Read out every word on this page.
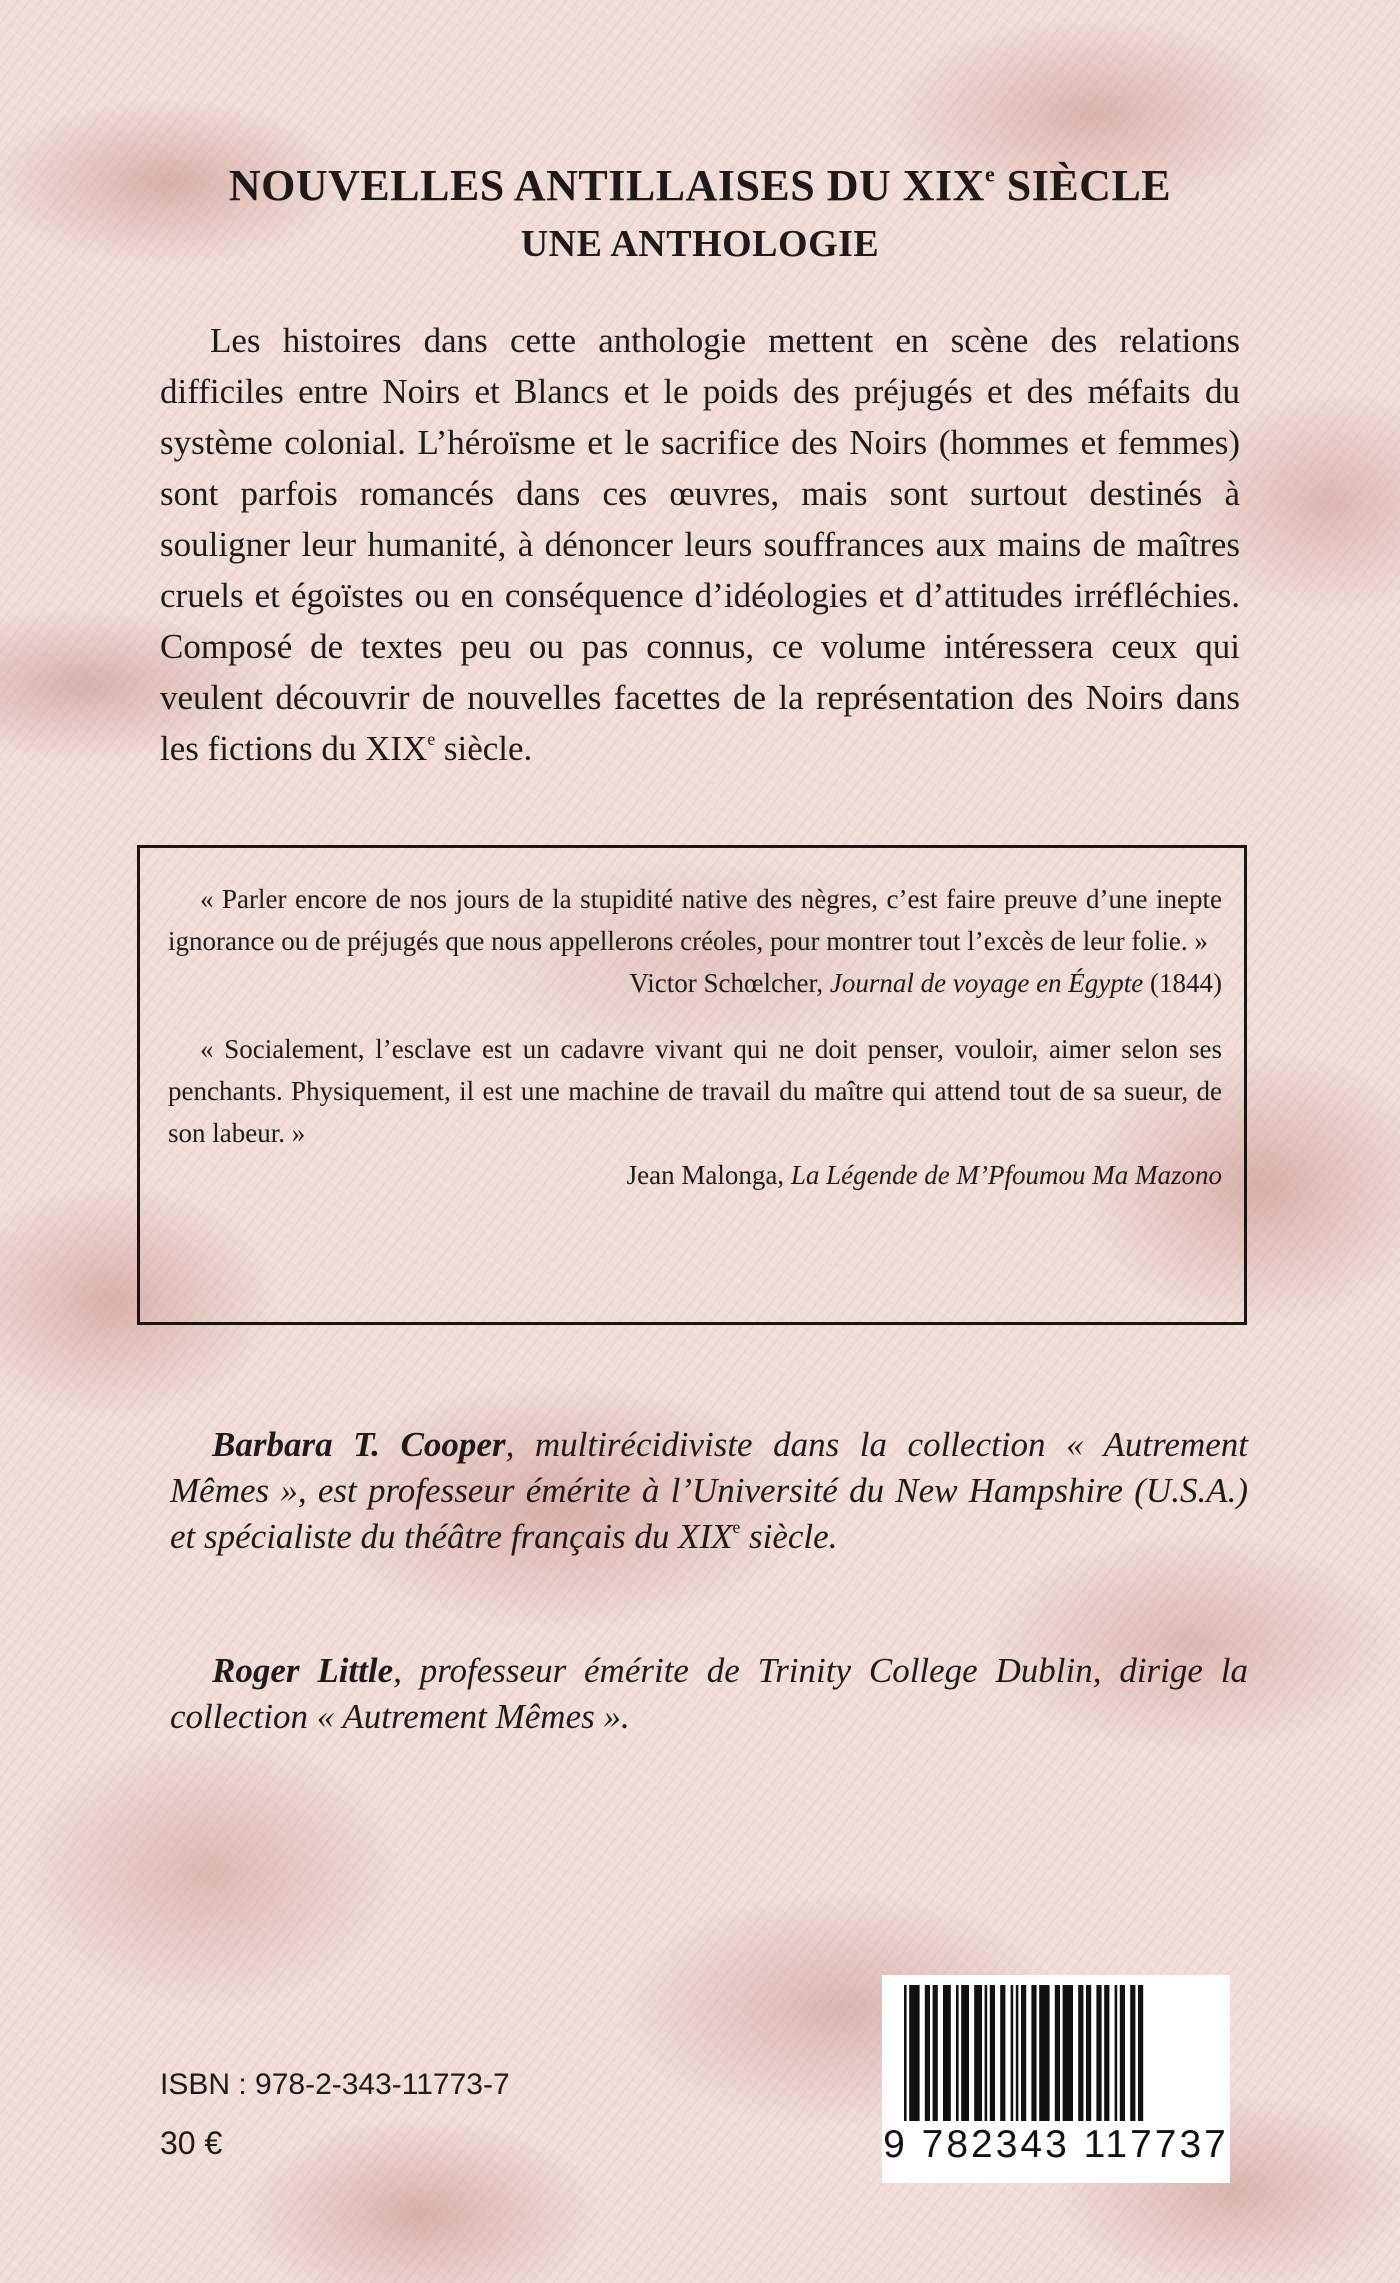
NOUVELLES ANTILLAISES DU XIXe SIÈCLE
UNE ANTHOLOGIE

Les histoires dans cette anthologie mettent en scène des relations difficiles entre Noirs et Blancs et le poids des préjugés et des méfaits du système colonial. L’héroïsme et le sacrifice des Noirs (hommes et femmes) sont parfois romancés dans ces œuvres, mais sont surtout destinés à souligner leur humanité, à dénoncer leurs souffrances aux mains de maîtres cruels et égoïstes ou en conséquence d’idéologies et d’attitudes irréfléchies. Composé de textes peu ou pas connus, ce volume intéressera ceux qui veulent découvrir de nouvelles facettes de la représentation des Noirs dans les fictions du XIXe siècle.

« Parler encore de nos jours de la stupidité native des nègres, c’est faire preuve d’une inepte ignorance ou de préjugés que nous appellerons créoles, pour montrer tout l’excès de leur folie. »

Victor Schœlcher, Journal de voyage en Égypte (1844)

« Socialement, l’esclave est un cadavre vivant qui ne doit penser, vouloir, aimer selon ses penchants. Physiquement, il est une machine de travail du maître qui attend tout de sa sueur, de son labeur. »

Jean Malonga, La Légende de M’Pfoumou Ma Mazono

Barbara T. Cooper, multirécidiviste dans la collection « Autrement Mêmes », est professeur émérite à l’Université du New Hampshire (U.S.A.) et spécialiste du théâtre français du XIXe siècle.

Roger Little, professeur émérite de Trinity College Dublin, dirige la collection « Autrement Mêmes ».

ISBN : 978-2-343-11773-7
30 €	9 782343 117737
